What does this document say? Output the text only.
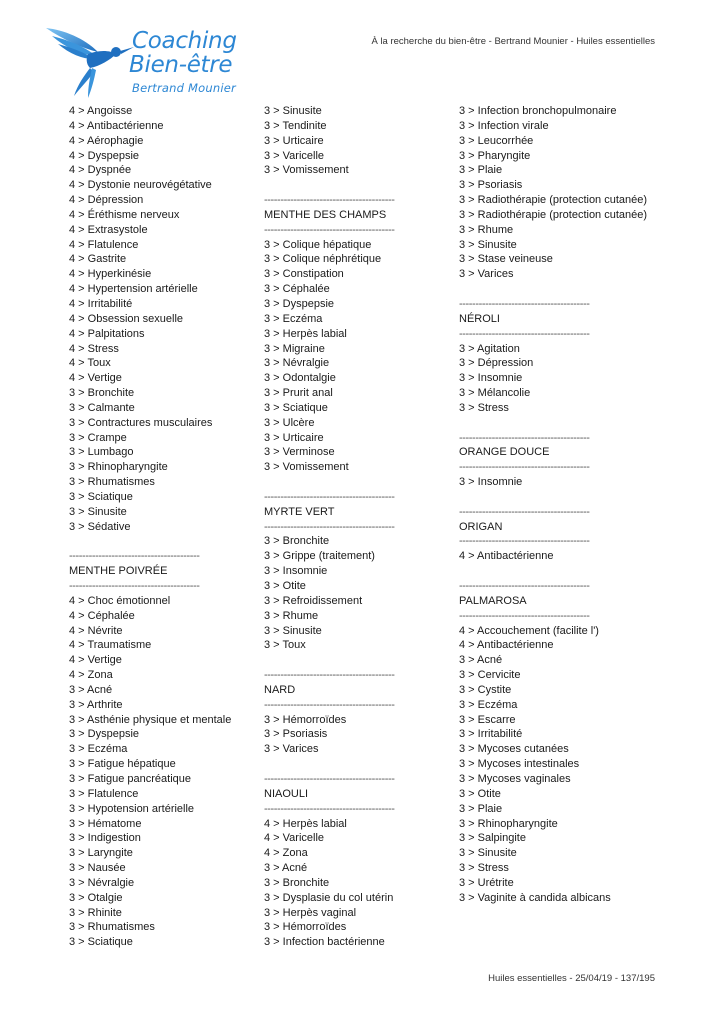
Coaching
Bien-être
Bertrand Mounier
À la recherche du bien-être - Bertrand Mounier - Huiles essentielles
4 > Angoisse
4 > Antibactérienne
4 > Aérophagie
4 > Dyspepsie
4 > Dyspnée
4 > Dystonie neurovégétative
4 > Dépression
4 > Éréthisme nerveux
4 > Extrasystole
4 > Flatulence
4 > Gastrite
4 > Hyperkinésie
4 > Hypertension artérielle
4 > Irritabilité
4 > Obsession sexuelle
4 > Palpitations
4 > Stress
4 > Toux
4 > Vertige
3 > Bronchite
3 > Calmante
3 > Contractures musculaires
3 > Crampe
3 > Lumbago
3 > Rhinopharyngite
3 > Rhumatismes
3 > Sciatique
3 > Sinusite
3 > Sédative
----------------------------------------
MENTHE POIVRÉE
----------------------------------------
4 > Choc émotionnel
4 > Céphalée
4 > Névrite
4 > Traumatisme
4 > Vertige
4 > Zona
3 > Acné
3 > Arthrite
3 > Asthénie physique et mentale
3 > Dyspepsie
3 > Eczéma
3 > Fatigue hépatique
3 > Fatigue pancréatique
3 > Flatulence
3 > Hypotension artérielle
3 > Hématome
3 > Indigestion
3 > Laryngite
3 > Nausée
3 > Névralgie
3 > Otalgie
3 > Rhinite
3 > Rhumatismes
3 > Sciatique
3 > Sinusite
3 > Tendinite
3 > Urticaire
3 > Varicelle
3 > Vomissement
----------------------------------------
MENTHE DES CHAMPS
----------------------------------------
3 > Colique hépatique
3 > Colique néphrétique
3 > Constipation
3 > Céphalée
3 > Dyspepsie
3 > Eczéma
3 > Herpès labial
3 > Migraine
3 > Névralgie
3 > Odontalgie
3 > Prurit anal
3 > Sciatique
3 > Ulcère
3 > Urticaire
3 > Verminose
3 > Vomissement
----------------------------------------
MYRTE VERT
----------------------------------------
3 > Bronchite
3 > Grippe (traitement)
3 > Insomnie
3 > Otite
3 > Refroidissement
3 > Rhume
3 > Sinusite
3 > Toux
----------------------------------------
NARD
----------------------------------------
3 > Hémorroïdes
3 > Psoriasis
3 > Varices
----------------------------------------
NIAOULI
----------------------------------------
4 > Herpès labial
4 > Varicelle
4 > Zona
3 > Acné
3 > Bronchite
3 > Dysplasie du col utérin
3 > Herpès vaginal
3 > Hémorroïdes
3 > Infection bactérienne
3 > Infection bronchopulmonaire
3 > Infection virale
3 > Leucorrhée
3 > Pharyngite
3 > Plaie
3 > Psoriasis
3 > Radiothérapie (protection cutanée)
3 > Radiothérapie (protection cutanée)
3 > Rhume
3 > Sinusite
3 > Stase veineuse
3 > Varices
----------------------------------------
NÉROLI
----------------------------------------
3 > Agitation
3 > Dépression
3 > Insomnie
3 > Mélancolie
3 > Stress
----------------------------------------
ORANGE DOUCE
----------------------------------------
3 > Insomnie
----------------------------------------
ORIGAN
----------------------------------------
4 > Antibactérienne
----------------------------------------
PALMAROSA
----------------------------------------
4 > Accouchement (facilite l')
4 > Antibactérienne
3 > Acné
3 > Cervicite
3 > Cystite
3 > Eczéma
3 > Escarre
3 > Irritabilité
3 > Mycoses cutanées
3 > Mycoses intestinales
3 > Mycoses vaginales
3 > Otite
3 > Plaie
3 > Rhinopharyngite
3 > Salpingite
3 > Sinusite
3 > Stress
3 > Urétrite
3 > Vaginite à candida albicans
Huiles essentielles - 25/04/19 - 137/195
